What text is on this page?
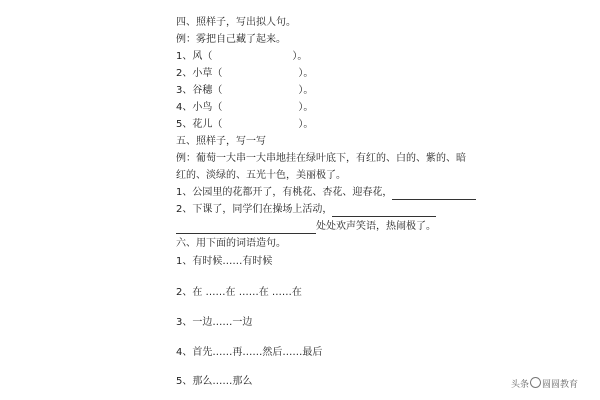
四、照样子，写出拟人句。
例：雾把自己藏了起来。
1、风（	）。
2、小草（	）。
3、谷穗（	）。
4、小鸟（	）。
5、花儿（	）。
五、照样子，写一写
例：葡萄一大串一大串地挂在绿叶底下，有红的、白的、紫的、暗
红的、淡绿的、五光十色，美丽极了。
1、公园里的花都开了，有桃花、杏花、迎春花，
2、下课了，同学们在操场上活动，
处处欢声笑语，热闹极了。
六、用下面的词语造句。
1、有时候……有时候
2、在 ……在 ……在 ……在
3、一边……一边
4、首先……再……然后……最后
头条 圆圆教育
5、那么……那么
